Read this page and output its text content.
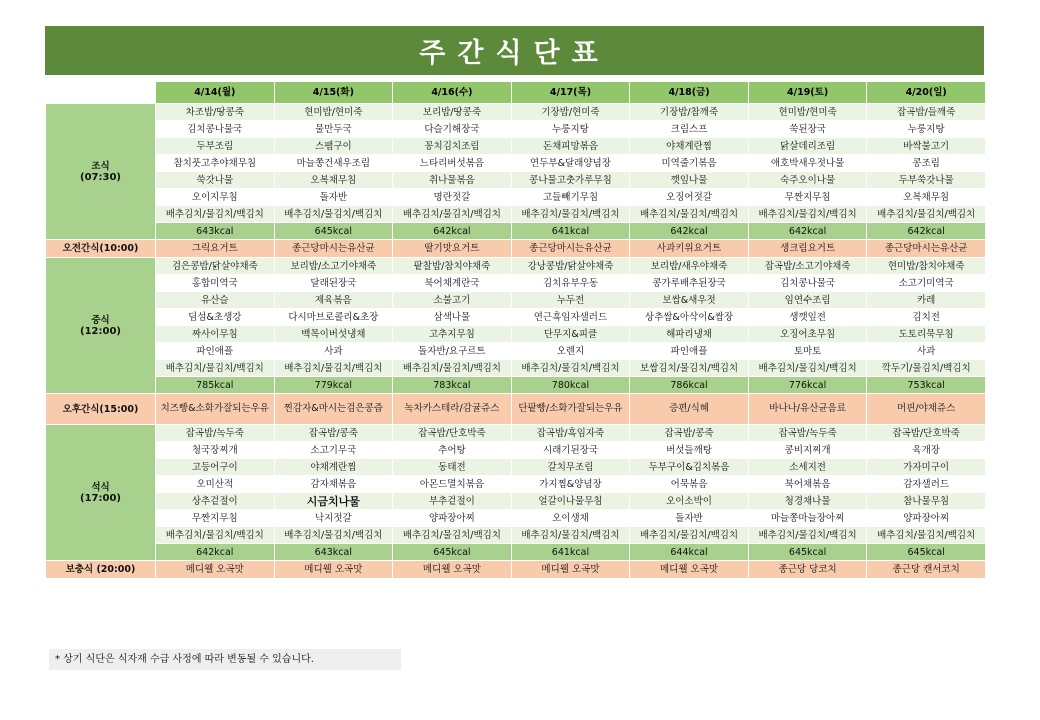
주간식단표
	4/14(월)	4/15(화)	4/16(수)	4/17(목)	4/18(금)	4/19(토)	4/20(일)

조식
(07:30)	차조밥/땅콩죽	현미밥/현미죽	보리밥/땅콩죽	기장밥/현미죽	기장밥/참깨죽	현미밥/현미죽	잡곡밥/들깨죽
	김치콩나물국	물만두국	다슬기해장국	누룽지탕	크림스프	쑥된장국	누룽지탕
	두부조림	스팸구이	꽁치김치조림	돈채피망볶음	야채계란찜	닭살데리조림	바싹불고기
	참치풋고추야채무침	마늘쫑건새우조림	느타리버섯볶음	연두부&달래양념장	미역줄기볶음	애호박새우젓나물	콩조림
	쑥갓나물	오복채무침	취나물볶음	콩나물고춧가루무침	깻잎나물	숙주오이나물	두부쑥갓나물
	오이지무침	돌자반	명란젓갈	고들빼기무침	오징어젓갈	무짠지무침	오복채무침
	배추김치/물김치/백김치	배추김치/물김치/백김치	배추김치/물김치/백김치	배추김치/물김치/백김치	배추김치/물김치/백김치	배추김치/물김치/백김치	배추김치/물김치/백김치
	643kcal	645kcal	642kcal	641kcal	642kcal	642kcal	642kcal
오전간식(10:00)	그릭요거트	종근당마시는유산균	딸기맛요거트	종근당마시는유산균	사과키위요거트	생크림요거트	종근당마시는유산균

중식
(12:00)	검은콩밥/닭살야채죽	보리밥/소고기야채죽	팥찰밥/참치야채죽	강낭콩밥/닭살야채죽	보리밥/새우야채죽	잡곡밥/소고기야채죽	현미밥/참치야채죽
	홍합미역국	달래된장국	북어채계란국	김치유부우동	콩가루배추된장국	김치콩나물국	소고기미역국
	유산슬	제육볶음	소불고기	누두전	보쌈&새우젓	임연수조림	카레
	딤섬&초생강	다시마브로콜리&초장	삼색나물	연근흑임자샐러드	상추쌈&아삭이&쌈장	생깻잎전	김치전
	짜사이무침	백목이버섯냉채	고추지무침	단무지&피클	해파리냉채	오징어초무침	도토리묵무침
	파인애플	사과	돌자반/요구르트	오렌지	파인애플	토마토	사과
	배추김치/물김치/백김치	배추김치/물김치/백김치	배추김치/물김치/백김치	배추김치/물김치/백김치	보쌈김치/물김치/백김치	배추김치/물김치/백김치	깍두기/물김치/백김치
	785kcal	779kcal	783kcal	780kcal	786kcal	776kcal	753kcal
오후간식(15:00)	치즈빵&소화가잘되는우유	찐감자&마시는검은콩즙	녹차카스테라/감귤쥬스	단팥빵/소화가잘되는우유	증편/식혜	바나나/유산균음료	머핀/야채쥬스

석식
(17:00)	잡곡밥/녹두죽	잡곡밥/콩죽	잡곡밥/단호박죽	잡곡밥/흑임자죽	잡곡밥/콩죽	잡곡밥/녹두죽	잡곡밥/단호박죽
	청국장찌개	소고기무국	추어탕	시래기된장국	버섯들깨탕	콩비지찌개	육개장
	고등어구이	야채계란찜	동태전	갈치무조림	두부구이&김치볶음	소세지전	가자미구이
	오미산적	감자채볶음	아몬드멸치볶음	가지찜&양념장	어묵볶음	북어채볶음	감자샐러드
	상추겉절이	시금치나물	부추겉절이	얼갈이나물무침	오이소박이	청경채나물	참나물무침
	무짠지무침	낙지젓갈	양파장아찌	오이생채	돌자반	마늘쫑마늘장아찌	양파장아찌
	배추김치/물김치/백김치	배추김치/물김치/백김치	배추김치/물김치/백김치	배추김치/물김치/백김치	배추김치/물김치/백김치	배추김치/물김치/백김치	배추김치/물김치/백김치
	642kcal	643kcal	645kcal	641kcal	644kcal	645kcal	645kcal
보충식 (20:00)	메디웰 오곡맛	메디웰 오곡맛	메디웰 오곡맛	메디웰 오곡맛	메디웰 오곡맛	종근당 당코치	종근당 캔서코치
* 상기 식단은 식자재 수급 사정에 따라 변동될 수 있습니다.
